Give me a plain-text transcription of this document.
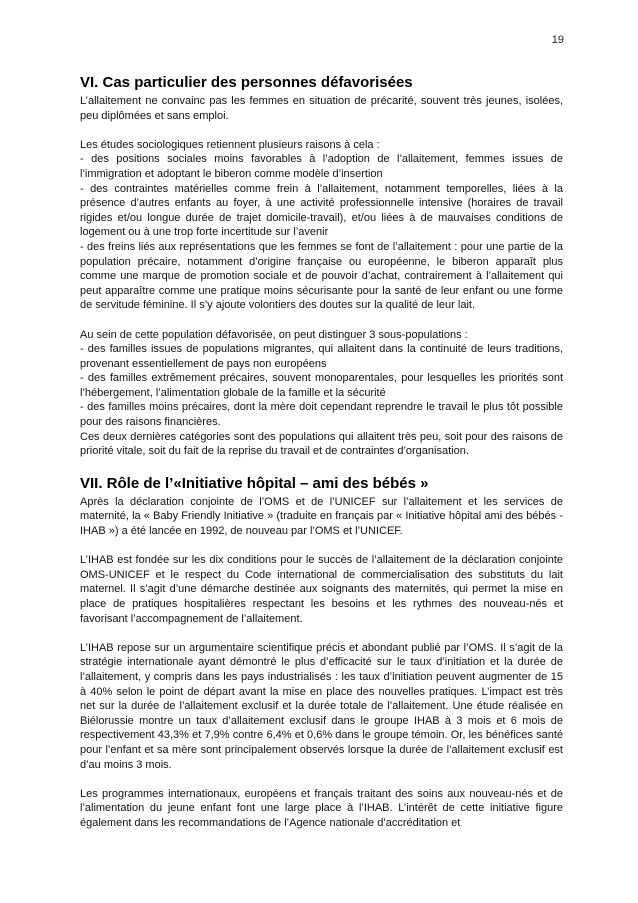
19
VI. Cas particulier des personnes défavorisées

L’allaitement ne convainc pas les femmes en situation de précarité, souvent très jeunes, isolées, peu diplômées et sans emploi.

Les études sociologiques retiennent plusieurs raisons à cela :
- des positions sociales moins favorables à l’adoption de l’allaitement, femmes issues de l’immigration et adoptant le biberon comme modèle d’insertion
- des contraintes matérielles comme frein à l’allaitement, notamment temporelles, liées à la présence d’autres enfants au foyer, à une activité professionnelle intensive (horaires de travail rigides et/ou longue durée de trajet domicile-travail), et/ou liées à de mauvaises conditions de logement ou à une trop forte incertitude sur l’avenir
- des freins liés aux représentations que les femmes se font de l’allaitement : pour une partie de la population précaire, notamment d’origine française ou européenne, le biberon apparaît plus comme une marque de promotion sociale et de pouvoir d’achat, contrairement à l’allaitement qui peut apparaître comme une pratique moins sécurisante pour la santé de leur enfant ou une forme de servitude féminine. Il s’y ajoute volontiers des doutes sur la qualité de leur lait.

Au sein de cette population défavorisée, on peut distinguer 3 sous-populations :
- des familles issues de populations migrantes, qui allaitent dans la continuité de leurs traditions, provenant essentiellement de pays non européens
- des familles extrêmement précaires, souvent monoparentales, pour lesquelles les priorités sont l’hébergement, l’alimentation globale de la famille et la sécurité
- des familles moins précaires, dont la mère doit cependant reprendre le travail le plus tôt possible pour des raisons financières.
Ces deux dernières catégories sont des populations qui allaitent très peu, soit pour des raisons de priorité vitale, soit du fait de la reprise du travail et de contraintes d’organisation.

VII. Rôle de l’«Initiative hôpital – ami des bébés »

Après la déclaration conjointe de l’OMS et de l’UNICEF sur l’allaitement et les services de maternité, la « Baby Friendly Initiative » (traduite en français par « Initiative hôpital ami des bébés - IHAB ») a été lancée en 1992, de nouveau par l’OMS et l’UNICEF.

L’IHAB est fondée sur les dix conditions pour le succès de l’allaitement de la déclaration conjointe OMS-UNICEF et le respect du Code international de commercialisation des substituts du lait maternel. Il s’agit d’une démarche destinée aux soignants des maternités, qui permet la mise en place de pratiques hospitalières respectant les besoins et les rythmes des nouveau-nés et favorisant l’accompagnement de l’allaitement.

L’IHAB repose sur un argumentaire scientifique précis et abondant publié par l’OMS. Il s’agit de la stratégie internationale ayant démontré le plus d’efficacité sur le taux d’initiation et la durée de l’allaitement, y compris dans les pays industrialisés : les taux d’initiation peuvent augmenter de 15 à 40% selon le point de départ avant la mise en place des nouvelles pratiques. L’impact est très net sur la durée de l’allaitement exclusif et la durée totale de l’allaitement. Une étude réalisée en Biélorussie montre un taux d’allaitement exclusif dans le groupe IHAB à 3 mois et 6 mois de respectivement 43,3% et 7,9% contre 6,4% et 0,6% dans le groupe témoin. Or, les bénéfices santé pour l’enfant et sa mère sont principalement observés lorsque la durée de l’allaitement exclusif est d’au moins 3 mois.

Les programmes internationaux, européens et français traitant des soins aux nouveau-nés et de l’alimentation du jeune enfant font une large place à l’IHAB. L’intérêt de cette initiative figure également dans les recommandations de l’Agence nationale d’accréditation et
